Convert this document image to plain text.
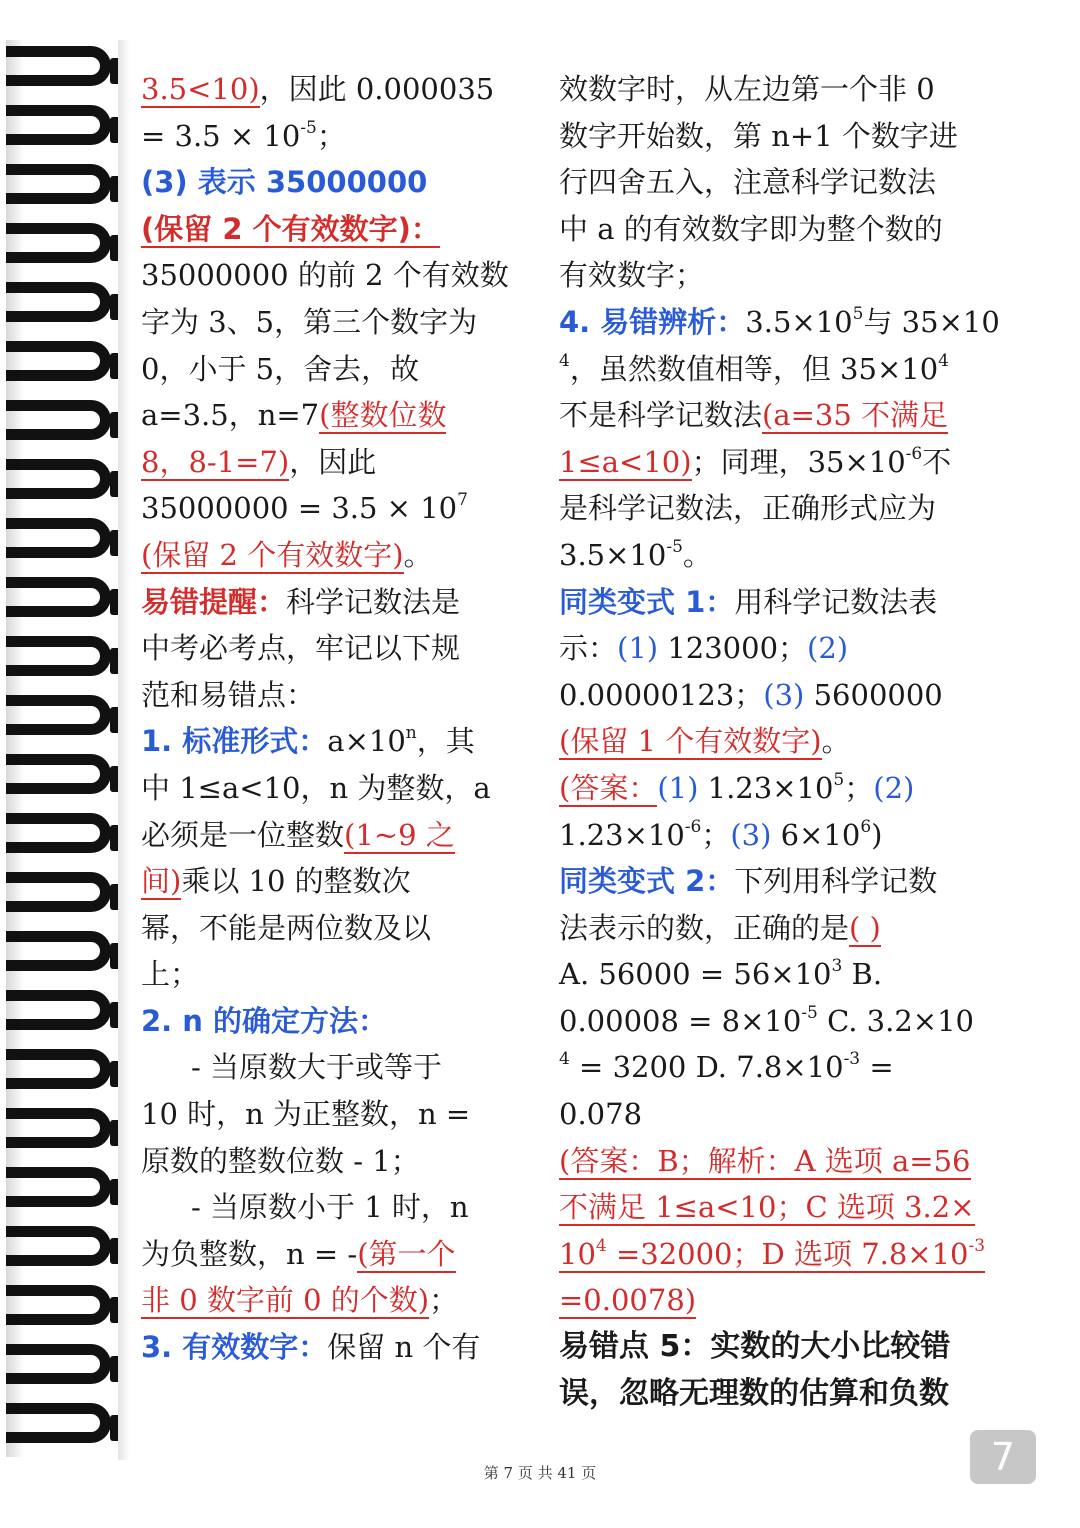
3.5<10)，因此 0.000035
= $3.5 \times 10^{-5}$；
(3) 表示 35000000
(保留 2 个有效数字)：
35000000 的前 2 个有效数
字为 3、5，第三个数字为
0，小于 5，舍去，故
a=3.5，n=7(整数位数
8，8-1=7)，因此
$35000000 = 3.5 \times 10^7$
(保留 2 个有效数字)。
易错提醒：科学记数法是
中考必考点，牢记以下规
范和易错点：
1. 标准形式：$a\times 10^n$，其
中 1≤a<10，n 为整数，a
必须是一位整数(1~9 之
间)乘以 10 的整数次
幂，不能是两位数及以
上；
2. n 的确定方法：
- 当原数大于或等于
10 时，n 为正整数，n =
原数的整数位数 - 1；
- 当原数小于 1 时，n
为负整数，n = -(第一个
非 0 数字前 0 的个数)；
3. 有效数字：保留 n 个有
效数字时，从左边第一个非 0
数字开始数，第 n+1 个数字进
行四舍五入，注意科学记数法
中 a 的有效数字即为整个数的
有效数字；
4. 易错辨析：$3.5\times 10^5$与 35×10
$^4$，虽然数值相等，但 $35\times 10^4$
不是科学记数法(a=35 不满足
1≤a<10)；同理，$35\times 10^{-6}$不
是科学记数法，正确形式应为
$3.5\times 10^{-5}$。
同类变式 1：用科学记数法表
示：(1) 123000；(2)
0.00000123；(3) 5600000
(保留 1 个有效数字)。
(答案：(1) $1.23\times 10^5$；(2)
$1.23\times 10^{-6}$；(3) $6\times 10^6$)
同类变式 2：下列用科学记数
法表示的数，正确的是( )
A. $56000 = 56\times 10^3$ B.
$0.00008 = 8\times 10^{-5}$ C. 3.2×10
$^4$ = 3200 D. $7.8\times 10^{-3}$ =
0.078
(答案：B；解析：A 选项 a=56
不满足 1≤a<10；C 选项 3.2×
$10^4 =32000$；D 选项 $7.8\times 10^{-3}$
=0.0078)
易错点 5：实数的大小比较错
误，忽略无理数的估算和负数
第 7 页 共 41 页	7
